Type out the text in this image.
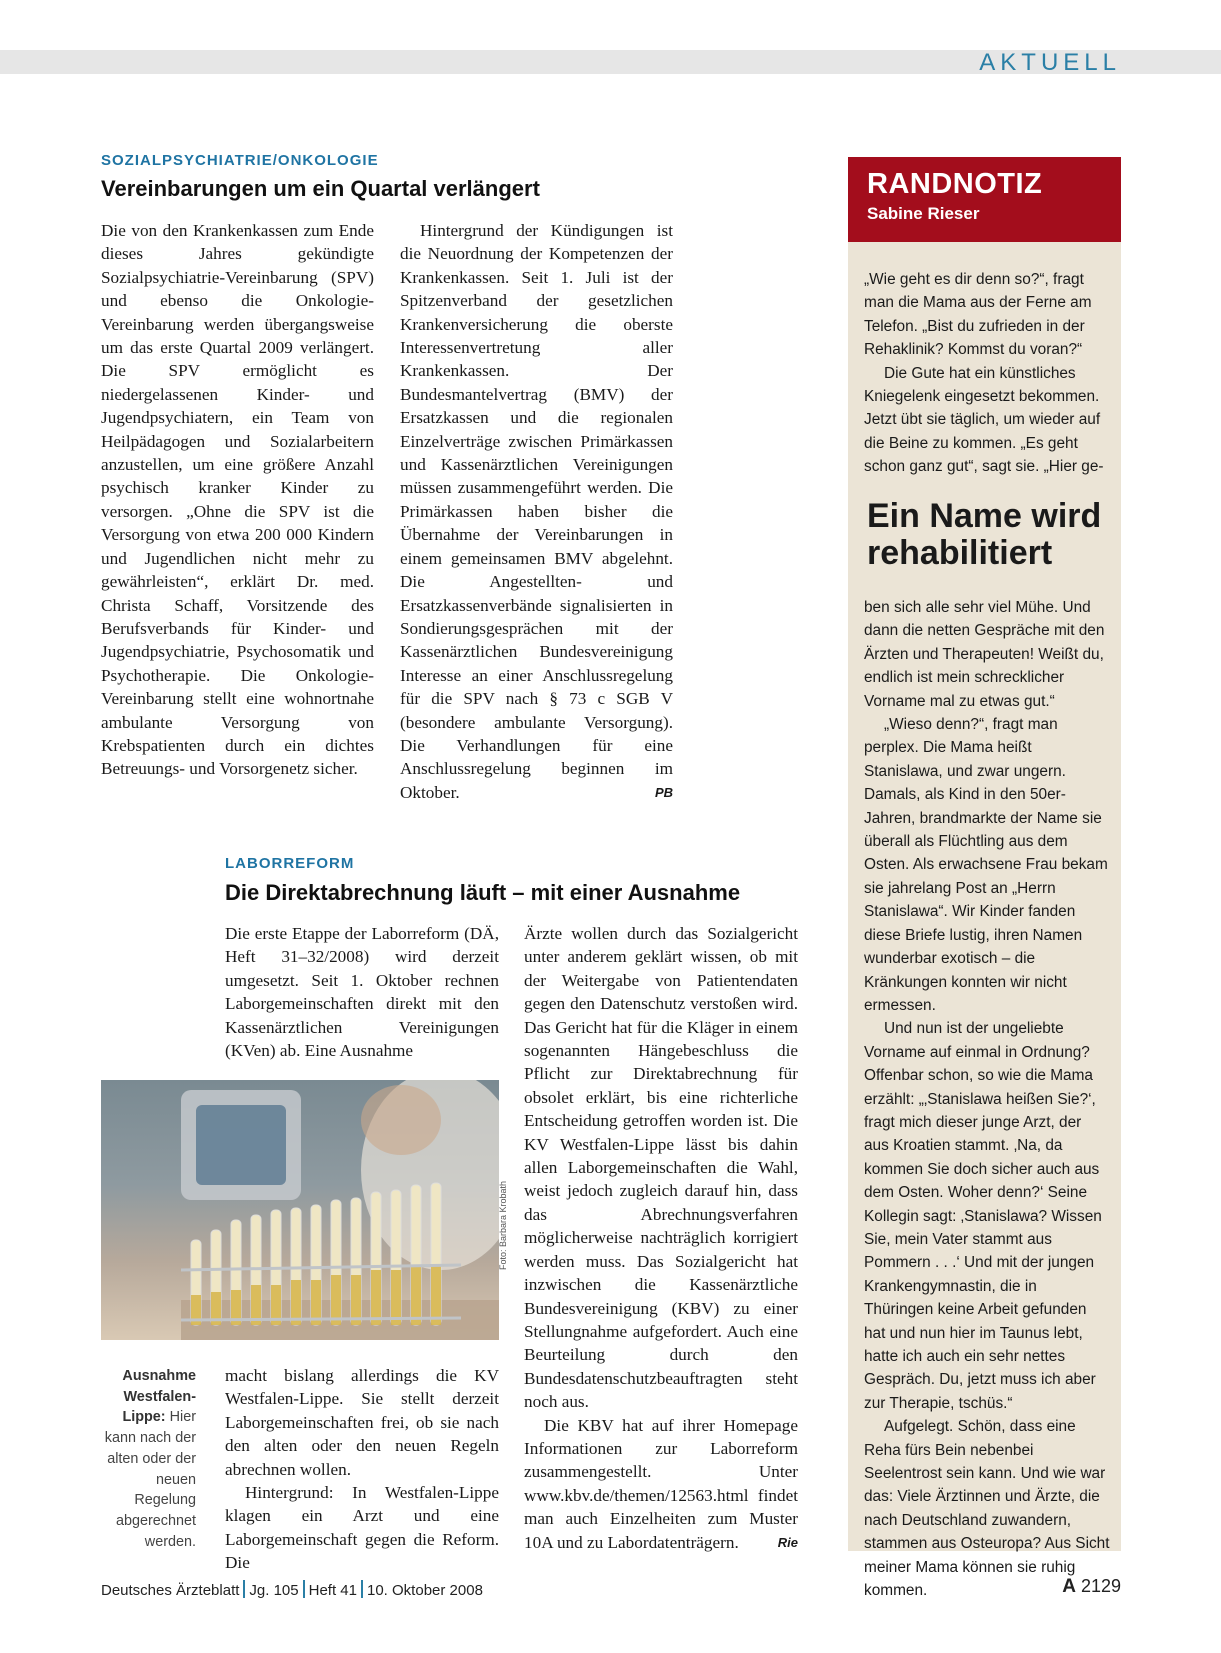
AKTUELL
SOZIALPSYCHIATRIE/ONKOLOGIE
Vereinbarungen um ein Quartal verlängert

Die von den Krankenkassen zum Ende dieses Jahres gekündigte Sozialpsychiatrie-Vereinbarung (SPV) und ebenso die Onkologie-Vereinbarung werden übergangsweise um das erste Quartal 2009 verlängert. Die SPV ermöglicht es niedergelassenen Kinder- und Jugendpsychiatern, ein Team von Heilpädagogen und Sozialarbeitern anzustellen, um eine größere Anzahl psychisch kranker Kinder zu versorgen. „Ohne die SPV ist die Versorgung von etwa 200 000 Kindern und Jugendlichen nicht mehr zu gewährleisten“, erklärt Dr. med. Christa Schaff, Vorsitzende des Berufsverbands für Kinder- und Jugendpsychiatrie, Psychosomatik und Psychotherapie. Die Onkologie-Vereinbarung stellt eine wohnortnahe ambulante Versorgung von Krebspatienten durch ein dichtes Betreuungs- und Vorsorgenetz sicher.

Hintergrund der Kündigungen ist die Neuordnung der Kompetenzen der Krankenkassen. Seit 1. Juli ist der Spitzenverband der gesetzlichen Krankenversicherung die oberste Interessenvertretung aller Krankenkassen. Der Bundesmantelvertrag (BMV) der Ersatzkassen und die regionalen Einzelverträge zwischen Primärkassen und Kassenärztlichen Vereinigungen müssen zusammengeführt werden. Die Primärkassen haben bisher die Übernahme der Vereinbarungen in einem gemeinsamen BMV abgelehnt. Die Angestellten- und Ersatzkassenverbände signalisierten in Sondierungsgesprächen mit der Kassenärztlichen Bundesvereinigung Interesse an einer Anschlussregelung für die SPV nach § 73 c SGB V (besondere ambulante Versorgung). Die Verhandlungen für eine Anschlussregelung beginnen im Oktober.	PB

LABORREFORM
Die Direktabrechnung läuft – mit einer Ausnahme

Die erste Etappe der Laborreform (DÄ, Heft 31–32/2008) wird derzeit umgesetzt. Seit 1. Oktober rechnen Laborgemeinschaften direkt mit den Kassenärztlichen Vereinigungen (KVen) ab. Eine Ausnahme

Foto: Barbara Krobath
Ausnahme Westfalen-Lippe: Hier kann nach der alten oder der neuen Regelung abgerechnet werden.

macht bislang allerdings die KV Westfalen-Lippe. Sie stellt derzeit Laborgemeinschaften frei, ob sie nach den alten oder den neuen Regeln abrechnen wollen.

Hintergrund: In Westfalen-Lippe klagen ein Arzt und eine Laborgemeinschaft gegen die Reform. Die

Ärzte wollen durch das Sozialgericht unter anderem geklärt wissen, ob mit der Weitergabe von Patientendaten gegen den Datenschutz verstoßen wird. Das Gericht hat für die Kläger in einem sogenannten Hängebeschluss die Pflicht zur Direktabrechnung für obsolet erklärt, bis eine richterliche Entscheidung getroffen worden ist. Die KV Westfalen-Lippe lässt bis dahin allen Laborgemeinschaften die Wahl, weist jedoch zugleich darauf hin, dass das Abrechnungsverfahren möglicherweise nachträglich korrigiert werden muss. Das Sozialgericht hat inzwischen die Kassenärztliche Bundesvereinigung (KBV) zu einer Stellungnahme aufgefordert. Auch eine Beurteilung durch den Bundesdatenschutzbeauftragten steht noch aus.

Die KBV hat auf ihrer Homepage Informationen zur Laborreform zusammengestellt. Unter www.kbv.de/themen/12563.html findet man auch Einzelheiten zum Muster 10A und zu Labordatenträgern.	Rie

RANDNOTIZ
Sabine Rieser

„Wie geht es dir denn so?“, fragt man die Mama aus der Ferne am Telefon. „Bist du zufrieden in der Rehaklinik? Kommst du voran?“

Die Gute hat ein künstliches Kniegelenk eingesetzt bekommen. Jetzt übt sie täglich, um wieder auf die Beine zu kommen. „Es geht schon ganz gut“, sagt sie. „Hier ge-

Ein Name wird rehabilitiert

ben sich alle sehr viel Mühe. Und dann die netten Gespräche mit den Ärzten und Therapeuten! Weißt du, endlich ist mein schrecklicher Vorname mal zu etwas gut.“

„Wieso denn?“, fragt man perplex. Die Mama heißt Stanislawa, und zwar ungern. Damals, als Kind in den 50er-Jahren, brandmarkte der Name sie überall als Flüchtling aus dem Osten. Als erwachsene Frau bekam sie jahrelang Post an „Herrn Stanislawa“. Wir Kinder fanden diese Briefe lustig, ihren Namen wunderbar exotisch – die Kränkungen konnten wir nicht ermessen.

Und nun ist der ungeliebte Vorname auf einmal in Ordnung? Offenbar schon, so wie die Mama erzählt: „‚Stanislawa heißen Sie?‘, fragt mich dieser junge Arzt, der aus Kroatien stammt. ‚Na, da kommen Sie doch sicher auch aus dem Osten. Woher denn?‘ Seine Kollegin sagt: ‚Stanislawa? Wissen Sie, mein Vater stammt aus Pommern . . .‘ Und mit der jungen Krankengymnastin, die in Thüringen keine Arbeit gefunden hat und nun hier im Taunus lebt, hatte ich auch ein sehr nettes Gespräch. Du, jetzt muss ich aber zur Therapie, tschüs.“

Aufgelegt. Schön, dass eine Reha fürs Bein nebenbei Seelentrost sein kann. Und wie war das: Viele Ärztinnen und Ärzte, die nach Deutschland zuwandern, stammen aus Osteuropa? Aus Sicht meiner Mama können sie ruhig kommen.

Deutsches Ärzteblatt Jg. 105 Heft 41 10. Oktober 2008	A 2129
